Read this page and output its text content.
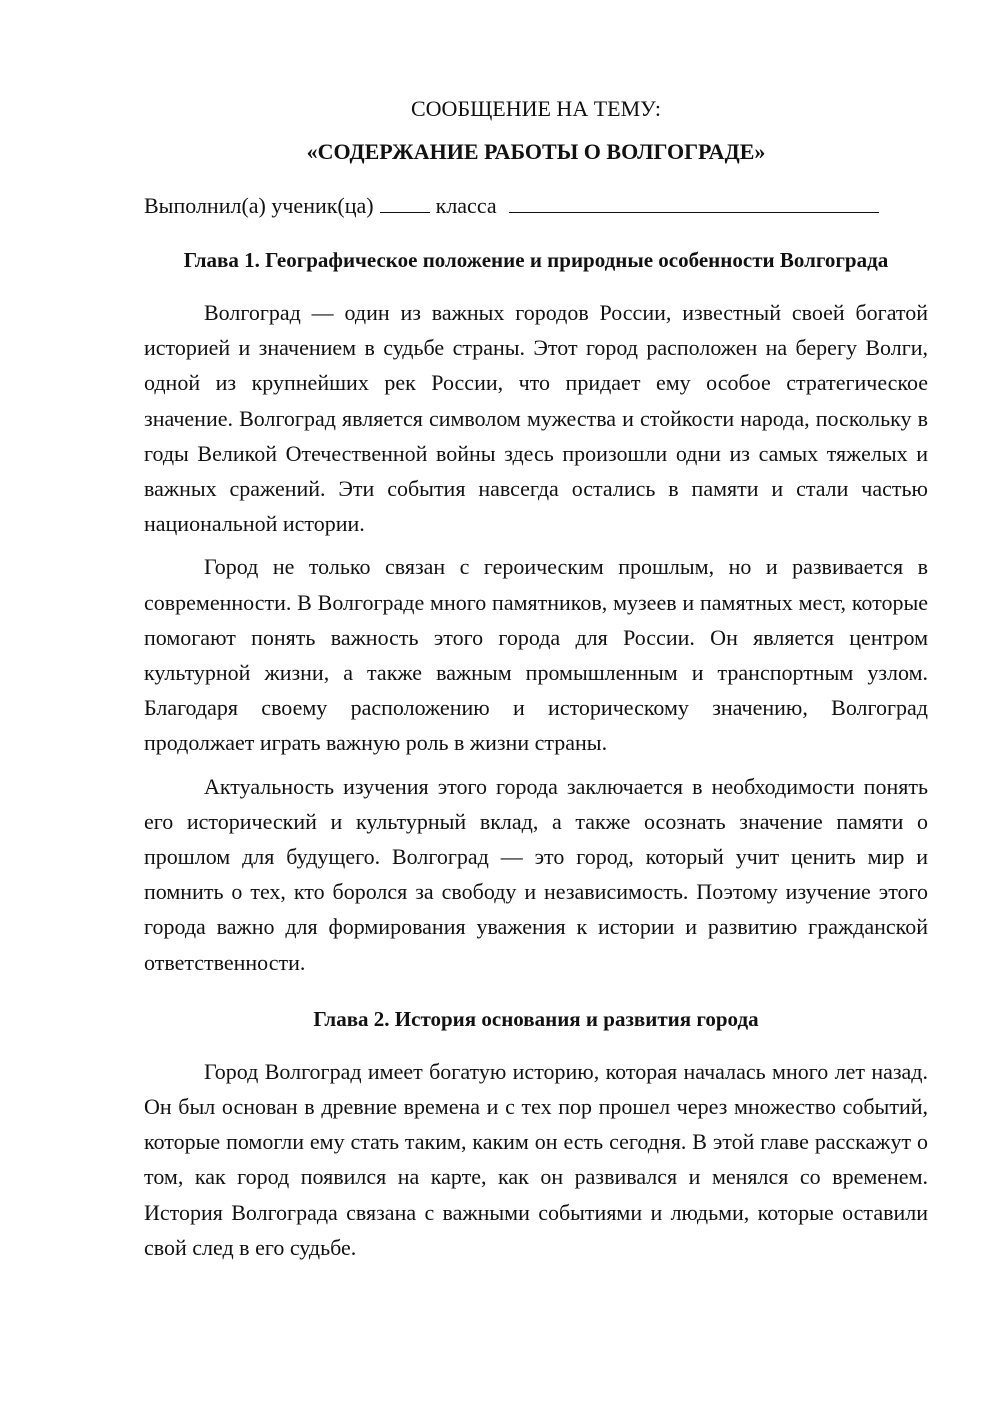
СООБЩЕНИЕ НА ТЕМУ:

«СОДЕРЖАНИЕ РАБОТЫ О ВОЛГОГРАДЕ»

Выполнил(а) ученик(ца)	класса
Глава 1. Географическое положение и природные особенности Волгограда

Волгоград — один из важных городов России, известный своей богатой историей и значением в судьбе страны. Этот город расположен на берегу Волги, одной из крупнейших рек России, что придает ему особое стратегическое значение. Волгоград является символом мужества и стойкости народа, поскольку в годы Великой Отечественной войны здесь произошли одни из самых тяжелых и важных сражений. Эти события навсегда остались в памяти и стали частью национальной истории.

Город не только связан с героическим прошлым, но и развивается в современности. В Волгограде много памятников, музеев и памятных мест, которые помогают понять важность этого города для России. Он является центром культурной жизни, а также важным промышленным и транспортным узлом. Благодаря своему расположению и историческому значению, Волгоград продолжает играть важную роль в жизни страны.

Актуальность изучения этого города заключается в необходимости понять его исторический и культурный вклад, а также осознать значение памяти о прошлом для будущего. Волгоград — это город, который учит ценить мир и помнить о тех, кто боролся за свободу и независимость. Поэтому изучение этого города важно для формирования уважения к истории и развитию гражданской ответственности.

Глава 2. История основания и развития города

Город Волгоград имеет богатую историю, которая началась много лет назад. Он был основан в древние времена и с тех пор прошел через множество событий, которые помогли ему стать таким, каким он есть сегодня. В этой главе расскажут о том, как город появился на карте, как он развивался и менялся со временем. История Волгограда связана с важными событиями и людьми, которые оставили свой след в его судьбе.
